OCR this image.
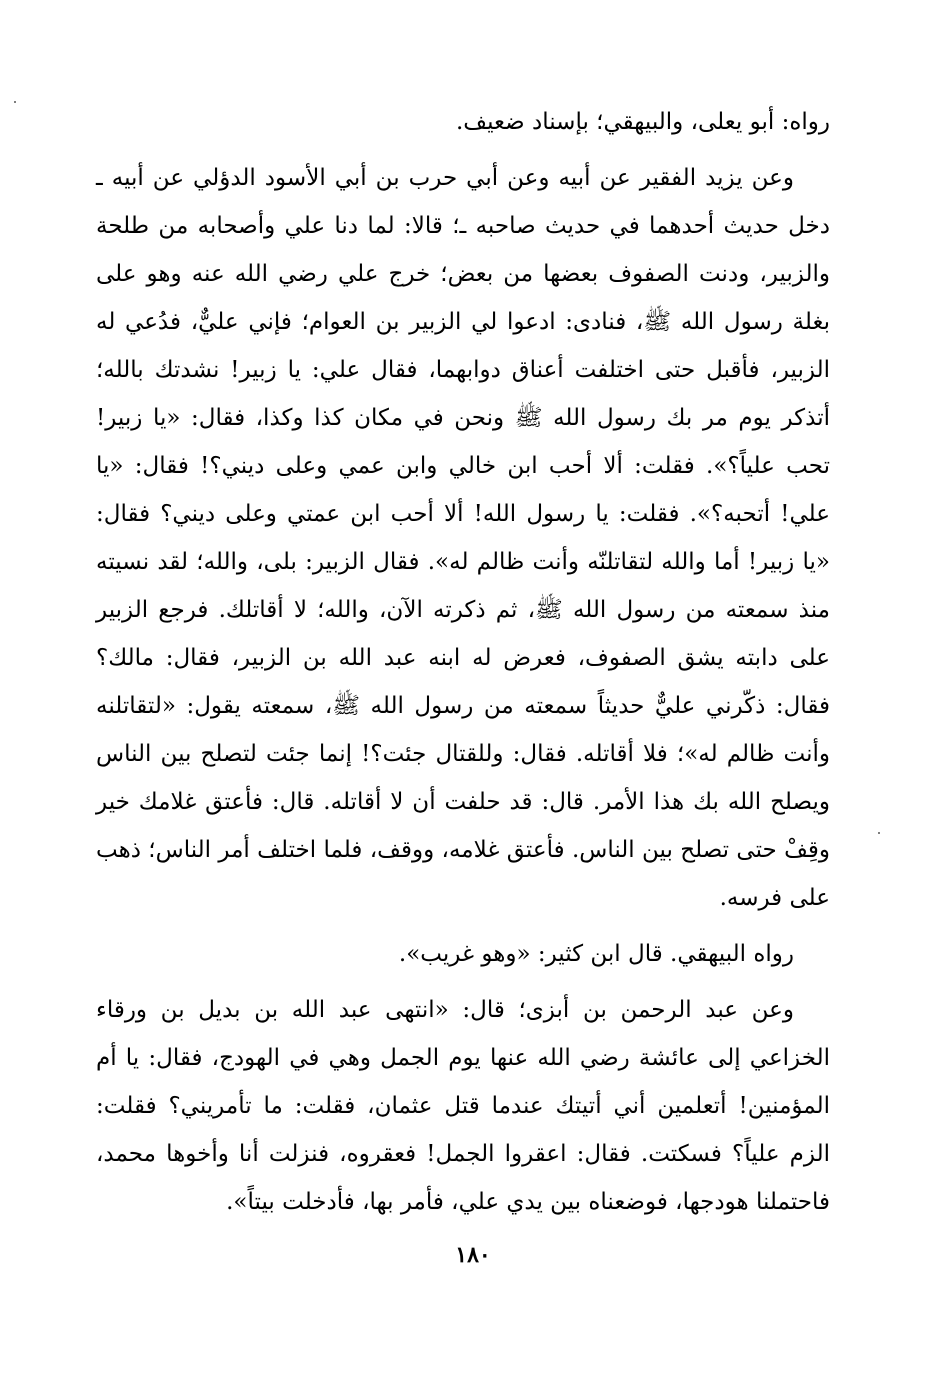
رواه: أبو يعلى، والبيهقي؛ بإسناد ضعيف.

وعن يزيد الفقير عن أبيه وعن أبي حرب بن أبي الأسود الدؤلي عن أبيه ـ دخل حديث أحدهما في حديث صاحبه ـ؛ قالا: لما دنا علي وأصحابه من طلحة والزبير، ودنت الصفوف بعضها من بعض؛ خرج علي رضي الله عنه وهو على بغلة رسول الله ﷺ، فنادى: ادعوا لي الزبير بن العوام؛ فإني عليٌّ، فدُعي له الزبير، فأقبل حتى اختلفت أعناق دوابهما، فقال علي: يا زبير! نشدتك بالله؛ أتذكر يوم مر بك رسول الله ﷺ ونحن في مكان كذا وكذا، فقال: «يا زبير! تحب علياً؟». فقلت: ألا أحب ابن خالي وابن عمي وعلى ديني؟! فقال: «يا علي! أتحبه؟». فقلت: يا رسول الله! ألا أحب ابن عمتي وعلى ديني؟ فقال: «يا زبير! أما والله لتقاتلنّه وأنت ظالم له». فقال الزبير: بلى، والله؛ لقد نسيته منذ سمعته من رسول الله ﷺ، ثم ذكرته الآن، والله؛ لا أقاتلك. فرجع الزبير على دابته يشق الصفوف، فعرض له ابنه عبد الله بن الزبير، فقال: مالك؟ فقال: ذكّرني عليٌّ حديثاً سمعته من رسول الله ﷺ، سمعته يقول: «لتقاتلنه وأنت ظالم له»؛ فلا أقاتله. فقال: وللقتال جئت؟! إنما جئت لتصلح بين الناس ويصلح الله بك هذا الأمر. قال: قد حلفت أن لا أقاتله. قال: فأعتق غلامك خير وقِفْ حتى تصلح بين الناس. فأعتق غلامه، ووقف، فلما اختلف أمر الناس؛ ذهب على فرسه.

رواه البيهقي. قال ابن كثير: «وهو غريب».

وعن عبد الرحمن بن أبزى؛ قال: «انتهى عبد الله بن بديل بن ورقاء الخزاعي إلى عائشة رضي الله عنها يوم الجمل وهي في الهودج، فقال: يا أم المؤمنين! أتعلمين أني أتيتك عندما قتل عثمان، فقلت: ما تأمريني؟ فقلت: الزم علياً؟ فسكتت. فقال: اعقروا الجمل! فعقروه، فنزلت أنا وأخوها محمد، فاحتملنا هودجها، فوضعناه بين يدي علي، فأمر بها، فأدخلت بيتاً».

١٨٠
